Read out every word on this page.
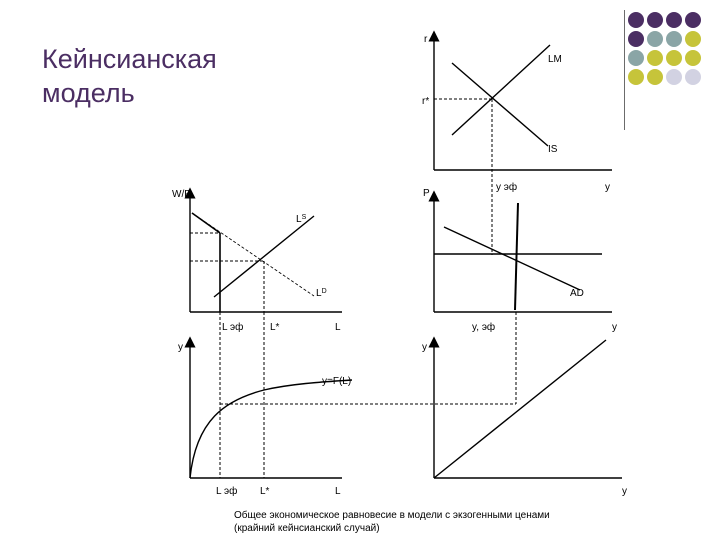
Кейнсианская
модель
r
LM
r*
IS
y эф	y
W/P
$L^S$
$L^D$
L эф	L*	L
P
AD
y, эф	y
y
y=F(L)
L эф L*	L
y
y
Общее экономическое равновесие в модели с экзогенными ценами
(крайний кейнсианский случай)
